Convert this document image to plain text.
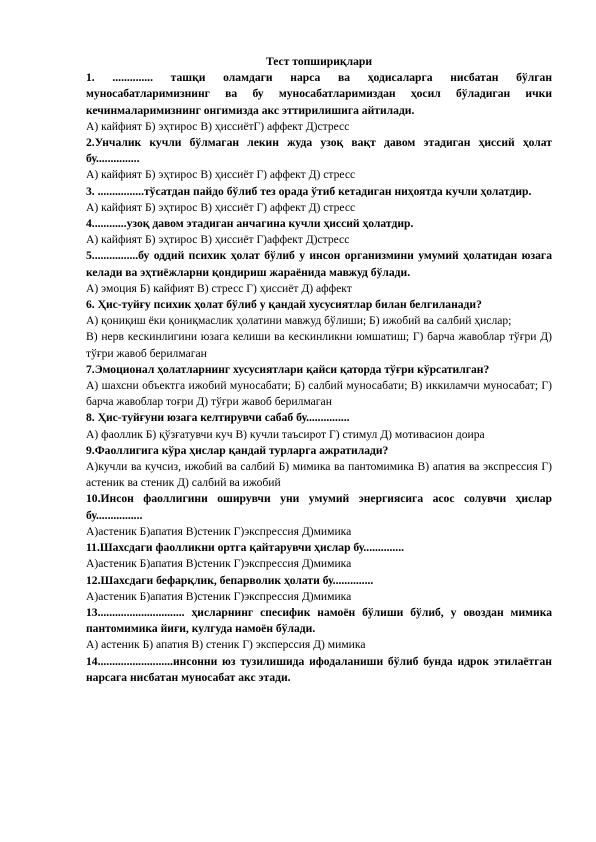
Тест топшириқлари

1. .............. ташқи оламдаги нарса ва ҳодисаларга нисбатан бўлган муносабатларимизнинг ва бу муносабатларимиздан ҳосил бўладиган ички кечинмаларимизнинг онгимизда акс эттирилишига айтилади.

А) кайфият Б) эҳтирос В) ҳиссиётГ) аффект Д)стресс

2.Унчалик кучли бўлмаган лекин жуда узоқ вақт давом этадиган ҳиссий ҳолат бу...............

А) кайфият Б) эҳтирос В) ҳиссиёт Г) аффект Д) стресс

3. ................тўсатдан пайдо бўлиб тез орада ўтиб кетадиган ниҳоятда кучли ҳолатдир.

А) кайфият Б) эҳтирос В) ҳиссиёт Г) аффект Д) стресс

4............узоқ давом этадиган анчагина кучли ҳиссий ҳолатдир.

А) кайфият Б) эҳтирос В) ҳиссиёт Г)аффект Д)стресс

5................бу оддий психик ҳолат бўлиб у инсон организмини умумий ҳолатидан юзага келади ва эҳтиёжларни қондириш жараёнида мавжуд бўлади.

А) эмоция Б) кайфият В) стресс Г) ҳиссиёт Д) аффект

6. Ҳис-туйғу психик ҳолат бўлиб у қандай хусусиятлар билан белгиланади?

А) қониқиш ёки қониқмаслик ҳолатини мавжуд бўлиши; Б) ижобий ва салбий ҳислар;
В) нерв кескинлигини юзага келиши ва кескинликни юмшатиш; Г) барча жавоблар тўғри Д) тўғри жавоб берилмаган

7.Эмоционал ҳолатларнинг хусусиятлари қайси қаторда тўғри кўрсатилган?

А) шахсни объектга ижобий муносабати; Б) салбий муносабати; В) иккиламчи муносабат; Г) барча жавоблар тоғри Д) тўғри жавоб берилмаган

8. Ҳис-туйғуни юзага келтирувчи сабаб бу...............

А) фаоллик Б) қўзғатувчи куч В) кучли таъсирот Г) стимул Д) мотивасион доира

9.Фаоллигига кўра ҳислар қандай турларга ажратилади?

А)кучли ва кучсиз, ижобий ва салбий Б) мимика ва пантомимика В) апатия ва экспрессия Г) астеник ва стеник Д) салбий ва ижобий

10.Инсон фаоллигини оширувчи уни умумий энергиясига асос солувчи ҳислар бу................

А)астеник Б)апатия В)стеник Г)экспрессия Д)мимика

11.Шахсдаги фаолликни ортга қайтарувчи ҳислар бу..............

А)астеник Б)апатия В)стеник Г)экспрессия Д)мимика

12.Шахсдаги бефарқлик, бепарволик ҳолати бу..............

А)астеник Б)апатия В)стеник Г)экспрессия Д)мимика

13.............................. ҳисларнинг спесифик намоён бўлиши бўлиб, у овоздан мимика пантомимика йиғи, кулгуда намоён бўлади.

А) астеник Б) апатия В) стеник Г) эксперссия Д) мимика

14..........................инсонни юз тузилишида ифодаланиши бўлиб бунда идрок этилаётган нарсага нисбатан муносабат акс этади.
